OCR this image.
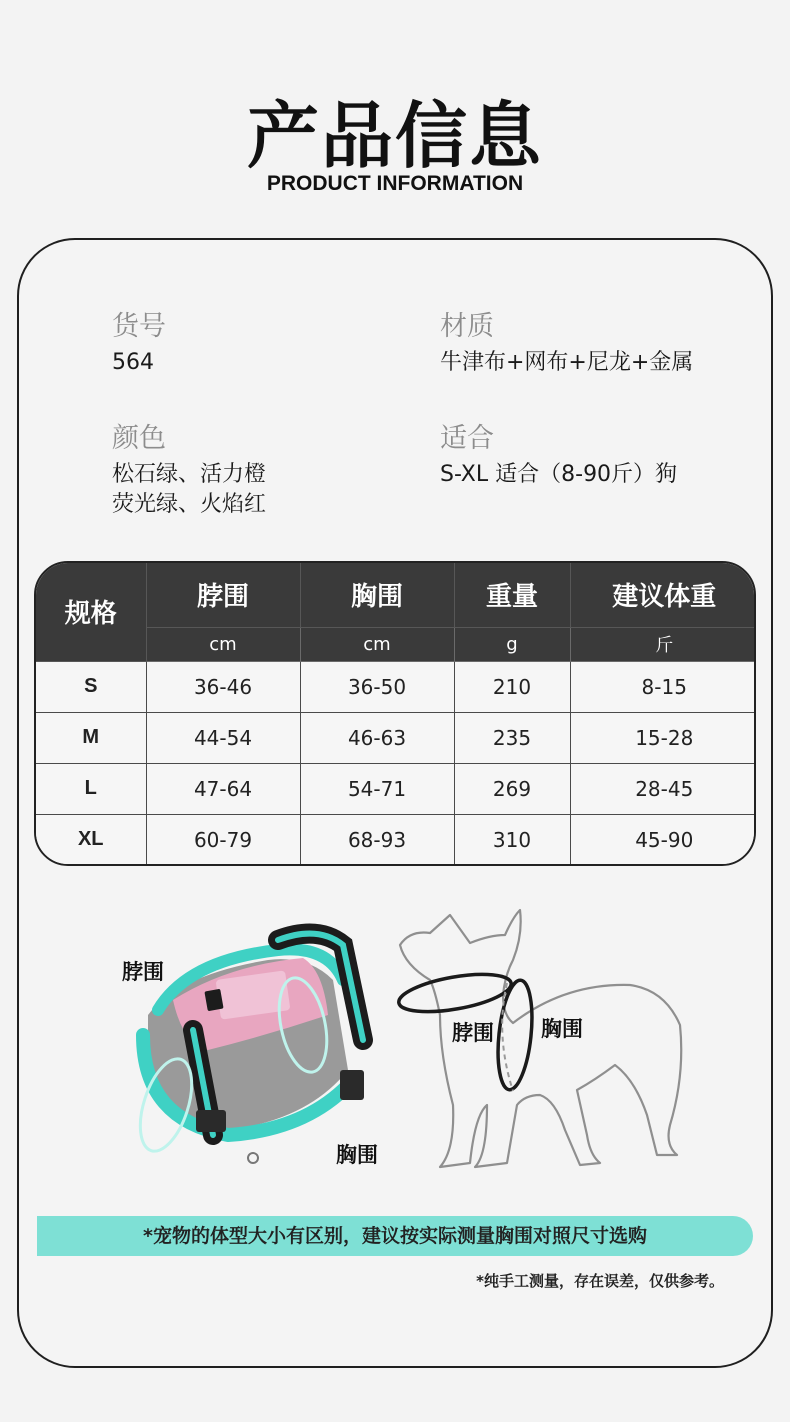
产品信息
PRODUCT INFORMATION
货号
564
材质
牛津布+网布+尼龙+金属
颜色
松石绿、活力橙
荧光绿、火焰红
适合
S-XL 适合（8-90斤）狗
规格	脖围	胸围	重量	建议体重
	cm	cm	g	斤
S	36-46	36-50	210	8-15
M	44-54	46-63	235	15-28
L	47-64	54-71	269	28-45
XL	60-79	68-93	310	45-90
脖围
胸围
脖围 胸围
*宠物的体型大小有区别，建议按实际测量胸围对照尺寸选购
*纯手工测量，存在误差，仅供参考。
